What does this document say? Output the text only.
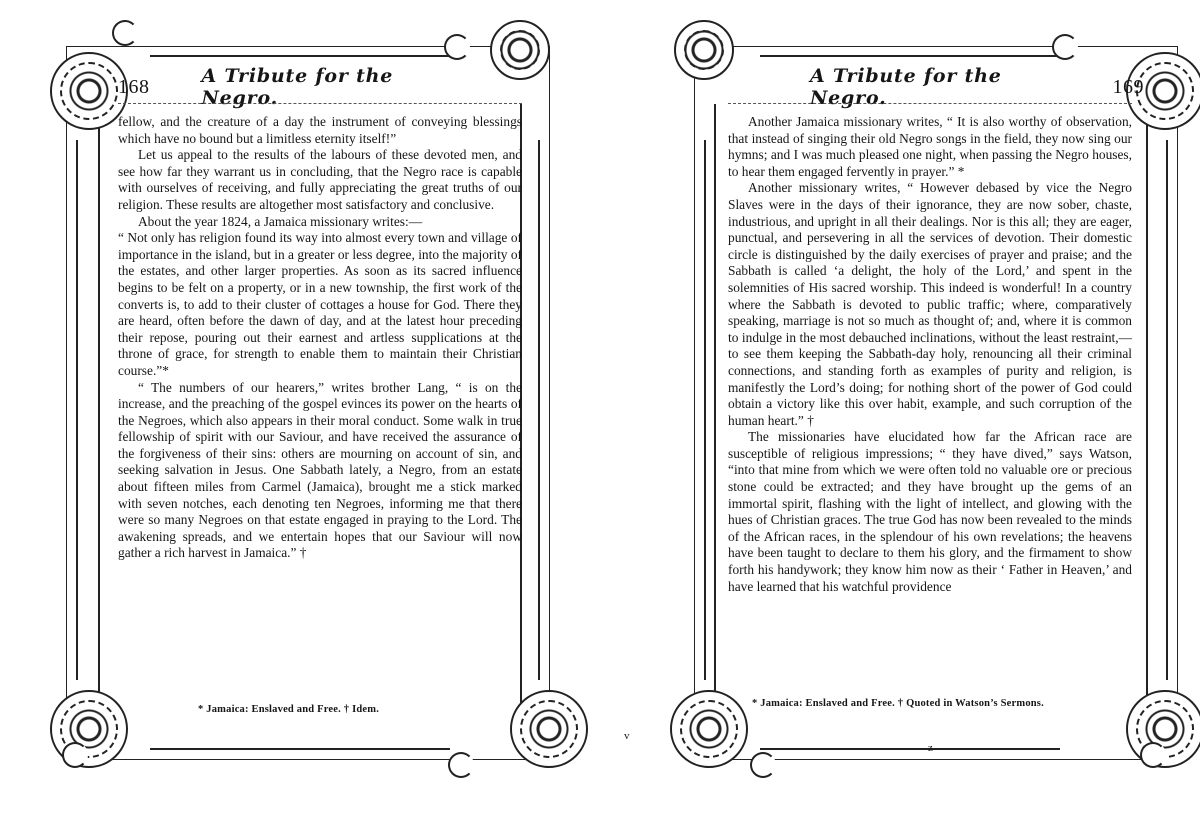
168	A Tribute for the Negro.

fellow, and the creature of a day the instrument of conveying blessings which have no bound but a limitless eternity itself!”

Let us appeal to the results of the labours of these devoted men, and see how far they warrant us in concluding, that the Negro race is capable with ourselves of receiving, and fully appreciating the great truths of our religion. These results are altogether most satisfactory and conclusive.

About the year 1824, a Jamaica missionary writes:—

“ Not only has religion found its way into almost every town and village of importance in the island, but in a greater or less degree, into the majority of the estates, and other larger properties. As soon as its sacred influence begins to be felt on a property, or in a new township, the first work of the converts is, to add to their cluster of cottages a house for God. There they are heard, often before the dawn of day, and at the latest hour preceding their repose, pouring out their earnest and artless supplications at the throne of grace, for strength to enable them to maintain their Christian course.”*

“ The numbers of our hearers,” writes brother Lang, “ is on the increase, and the preaching of the gospel evinces its power on the hearts of the Negroes, which also appears in their moral conduct. Some walk in true fellowship of spirit with our Saviour, and have received the assurance of the forgiveness of their sins: others are mourning on account of sin, and seeking salvation in Jesus. One Sabbath lately, a Negro, from an estate about fifteen miles from Carmel (Jamaica), brought me a stick marked with seven notches, each denoting ten Negroes, informing me that there were so many Negroes on that estate engaged in praying to the Lord. The awakening spreads, and we entertain hopes that our Saviour will now gather a rich harvest in Jamaica.” †

* Jamaica: Enslaved and Free. † Idem.
v
A Tribute for the Negro.
169

Another Jamaica missionary writes, “ It is also worthy of observation, that instead of singing their old Negro songs in the field, they now sing our hymns; and I was much pleased one night, when passing the Negro houses, to hear them engaged fervently in prayer.” *

Another missionary writes, “ However debased by vice the Negro Slaves were in the days of their ignorance, they are now sober, chaste, industrious, and upright in all their dealings. Nor is this all; they are eager, punctual, and persevering in all the services of devotion. Their domestic circle is distinguished by the daily exercises of prayer and praise; and the Sabbath is called ‘a delight, the holy of the Lord,’ and spent in the solemnities of His sacred worship. This indeed is wonderful! In a country where the Sabbath is devoted to public traffic; where, comparatively speaking, marriage is not so much as thought of; and, where it is common to indulge in the most debauched inclinations, without the least restraint,—to see them keeping the Sabbath-day holy, renouncing all their criminal connections, and standing forth as examples of purity and religion, is manifestly the Lord’s doing; for nothing short of the power of God could obtain a victory like this over habit, example, and such corruption of the human heart.” †

The missionaries have elucidated how far the African race are susceptible of religious impressions; “ they have dived,” says Watson, “into that mine from which we were often told no valuable ore or precious stone could be extracted; and they have brought up the gems of an immortal spirit, flashing with the light of intellect, and glowing with the hues of Christian graces. The true God has now been revealed to the minds of the African races, in the splendour of his own revelations; the heavens have been taught to declare to them his glory, and the firmament to show forth his handywork; they know him now as their ‘ Father in Heaven,’ and have learned that his watchful providence

* Jamaica: Enslaved and Free. † Quoted in Watson’s Sermons.
z
